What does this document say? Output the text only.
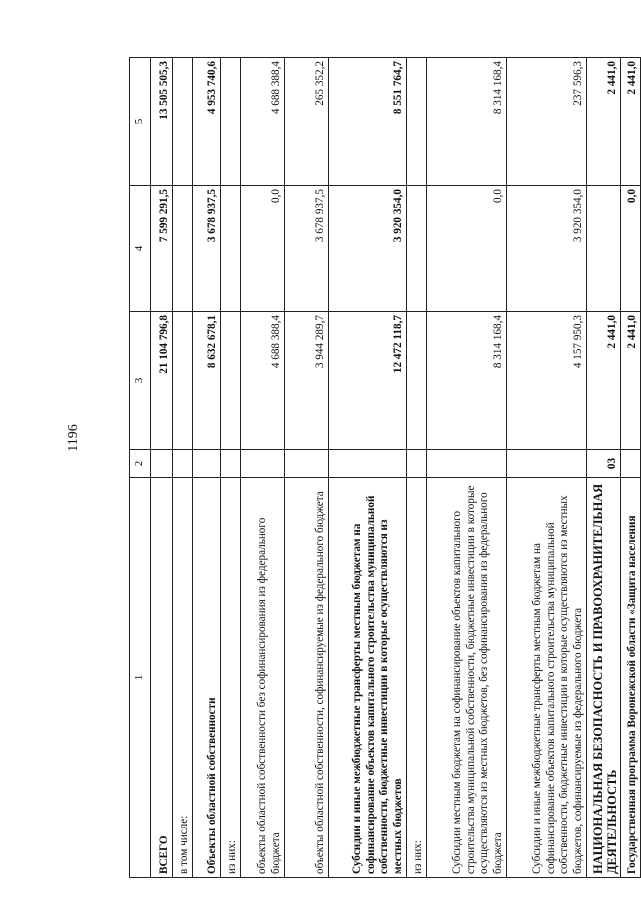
1196
1	2	3	4	5
ВСЕГО		21 104 796,8	7 599 291,5	13 505 505,3
в том числе:				
Объекты областной собственности		8 632 678,1	3 678 937,5	4 953 740,6
из них:				
объекты областной собственности без софинансирования из федерального бюджета		4 688 388,4	0,0	4 688 388,4
объекты областной собственности, софинансируемые из федерального бюджета		3 944 289,7	3 678 937,5	265 352,2
Субсидии и иные межбюджетные трансферты местным бюджетам на софинансирование объектов капитального строительства муниципальной собственности, бюджетные инвестиции в которые осуществляются из местных бюджетов		12 472 118,7	3 920 354,0	8 551 764,7
из них:				
Субсидии местным бюджетам на софинансирование объектов капитального строительства муниципальной собственности, бюджетные инвестиции в которые осуществляются из местных бюджетов, без софинансирования из федерального бюджета		8 314 168,4	0,0	8 314 168,4
Субсидии и иные межбюджетные трансферты местным бюджетам на софинансирование объектов капитального строительства муниципальной собственности, бюджетные инвестиции в которые осуществляются из местных бюджетов, софинансируемые из федерального бюджета		4 157 950,3	3 920 354,0	237 596,3
НАЦИОНАЛЬНАЯ БЕЗОПАСНОСТЬ И ПРАВООХРАНИТЕЛЬНАЯ ДЕЯТЕЛЬНОСТЬ	03	2 441,0		2 441,0
Государственная программа Воронежской области «Защита населения		2 441,0	0,0	2 441,0
